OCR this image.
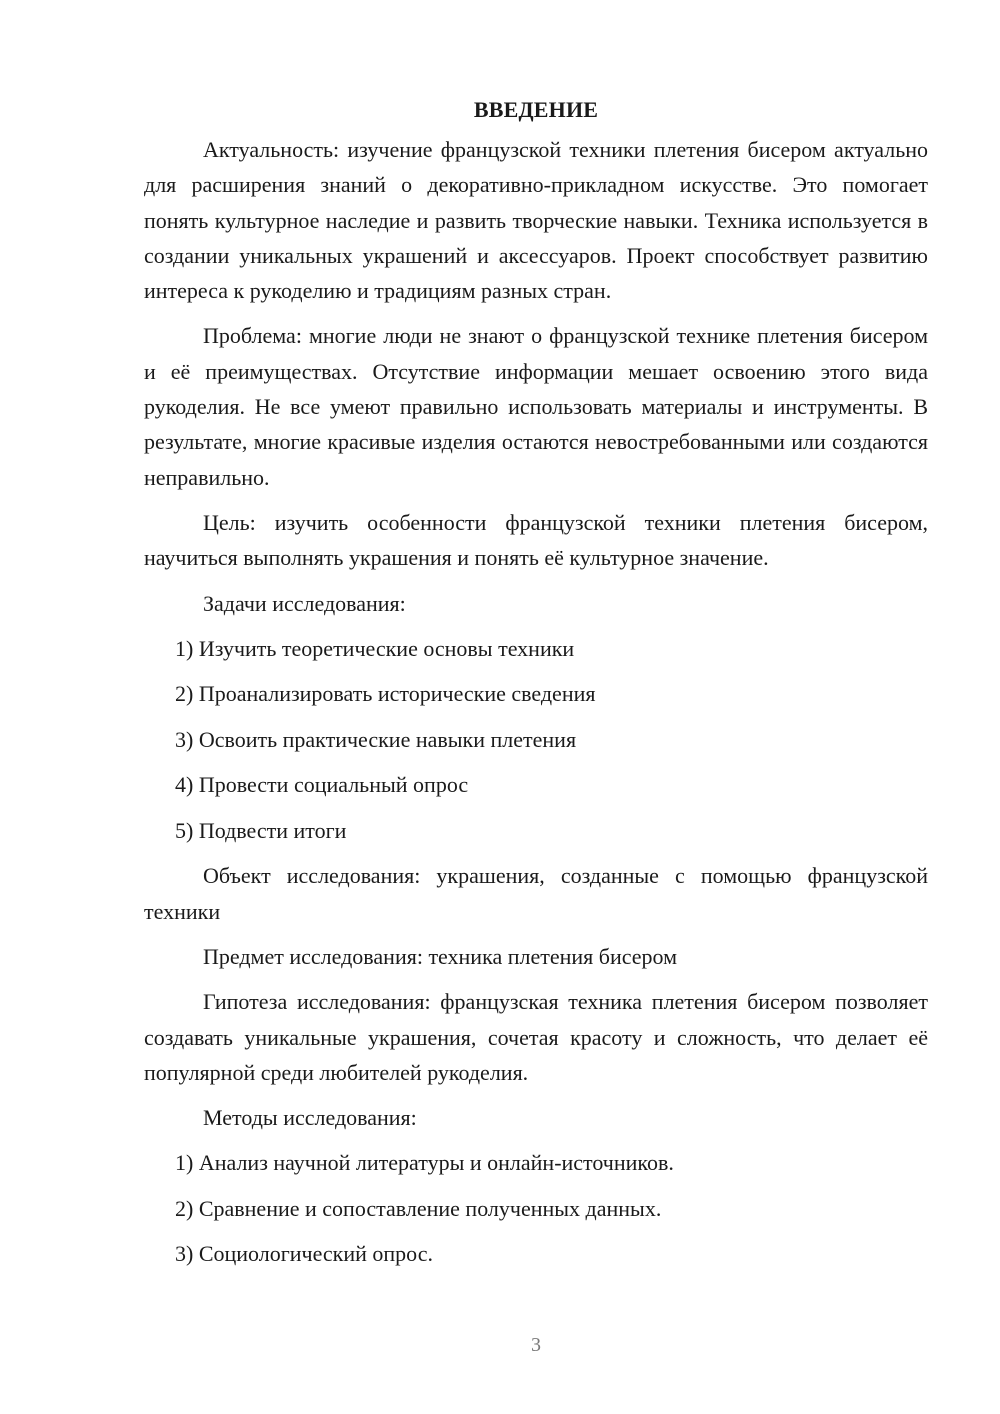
ВВЕДЕНИЕ

Актуальность: изучение французской техники плетения бисером актуально для расширения знаний о декоративно-прикладном искусстве. Это помогает понять культурное наследие и развить творческие навыки. Техника используется в создании уникальных украшений и аксессуаров. Проект способствует развитию интереса к рукоделию и традициям разных стран.

Проблема: многие люди не знают о французской технике плетения бисером и её преимуществах. Отсутствие информации мешает освоению этого вида рукоделия. Не все умеют правильно использовать материалы и инструменты. В результате, многие красивые изделия остаются невостребованными или создаются неправильно.

Цель: изучить особенности французской техники плетения бисером, научиться выполнять украшения и понять её культурное значение.

Задачи исследования:

1) Изучить теоретические основы техники
2) Проанализировать исторические сведения
3) Освоить практические навыки плетения
4) Провести социальный опрос
5) Подвести итоги

Объект исследования: украшения, созданные с помощью французской техники

Предмет исследования: техника плетения бисером

Гипотеза исследования: французская техника плетения бисером позволяет создавать уникальные украшения, сочетая красоту и сложность, что делает её популярной среди любителей рукоделия.

Методы исследования:

1) Анализ научной литературы и онлайн-источников.
2) Сравнение и сопоставление полученных данных.
3) Социологический опрос.
3
